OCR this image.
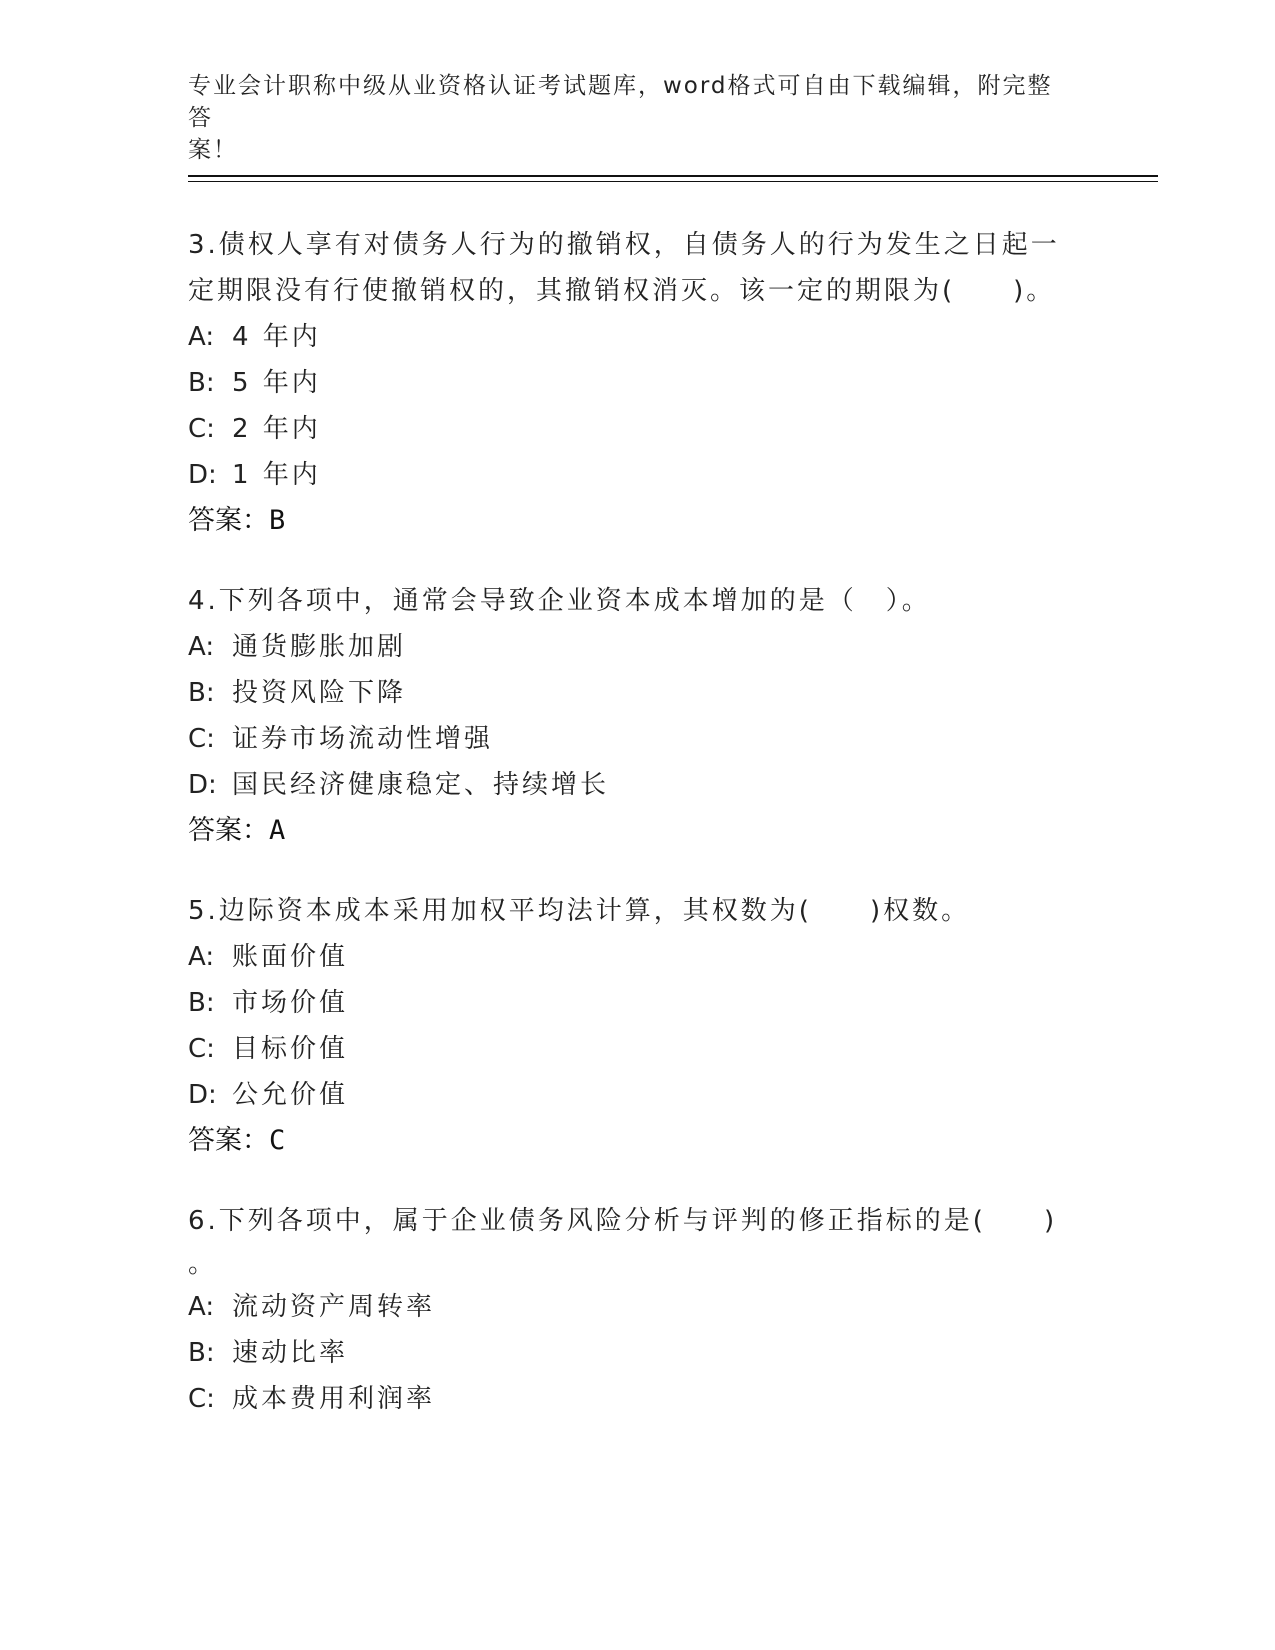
专业会计职称中级从业资格认证考试题库，word格式可自由下载编辑，附完整答
案！
3.债权人享有对债务人行为的撤销权，自债务人的行为发生之日起一
定期限没有行使撤销权的，其撤销权消灭。该一定的期限为(　　)。
A: 4 年内
B: 5 年内
C: 2 年内
D: 1 年内
答案：B
4.下列各项中，通常会导致企业资本成本增加的是（　）。
A: 通货膨胀加剧
B: 投资风险下降
C: 证券市场流动性增强
D: 国民经济健康稳定、持续增长
答案：A
5.边际资本成本采用加权平均法计算，其权数为(　　)权数。
A: 账面价值
B: 市场价值
C: 目标价值
D: 公允价值
答案：C
6.下列各项中，属于企业债务风险分析与评判的修正指标的是(　　)
。
A: 流动资产周转率
B: 速动比率
C: 成本费用利润率
